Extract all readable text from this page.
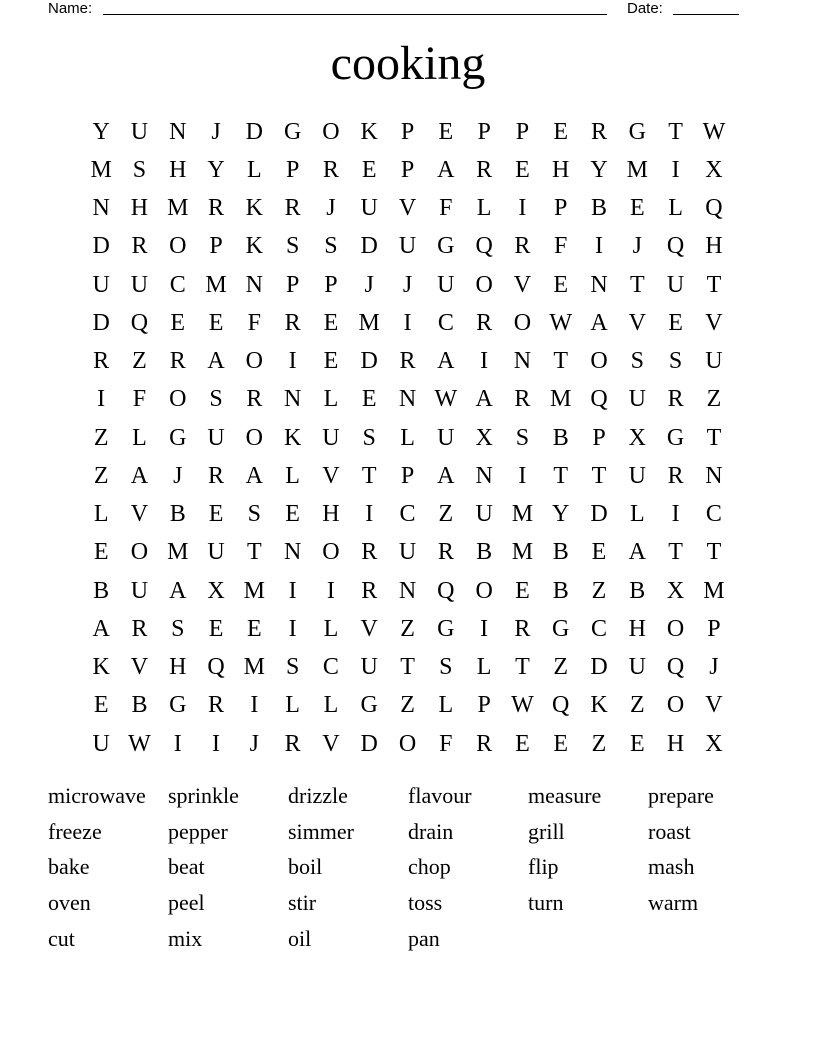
Name:	Date:
cooking
Y U N	J	D G O K P	E	P	P	E R G T W
M S H Y L	P R E	P A R E H Y M I	X
N H M R K R	J	U V F	L	I	P B E L Q
D R O P K S	S D U G Q R F	I	J	Q H
U U C M N P	P	J	J	U O V E N T U T
D Q E E	F R E M I	C R O W A V E V
R Z R A O	I	E D R A	I	N T O S	S U
I	F O S R N L E N W A R M Q U R Z
Z L G U O K U S	L U X S B P X G T
Z A	J	R A L V T	P A N	I	T T U R N
L V B E	S	E H	I	C Z U M Y D L	I	C
E O M U T N O R U R B M B E A T T
B U A X M I	I	R N Q O E B Z B X M
A R S	E E	I	L V Z G	I	R G C H O P
K V H Q M S C U T	S	L T Z D U Q	J
E B G R	I	L L G Z L	P W Q K Z O V
U W I	I	J	R V D O F R E E Z E H X
microwave	sprinkle	drizzle	flavour	measure	prepare
freeze	pepper	simmer	drain	grill	roast
bake	beat	boil	chop	flip	mash
oven	peel	stir	toss	turn	warm
cut	mix	oil	pan
